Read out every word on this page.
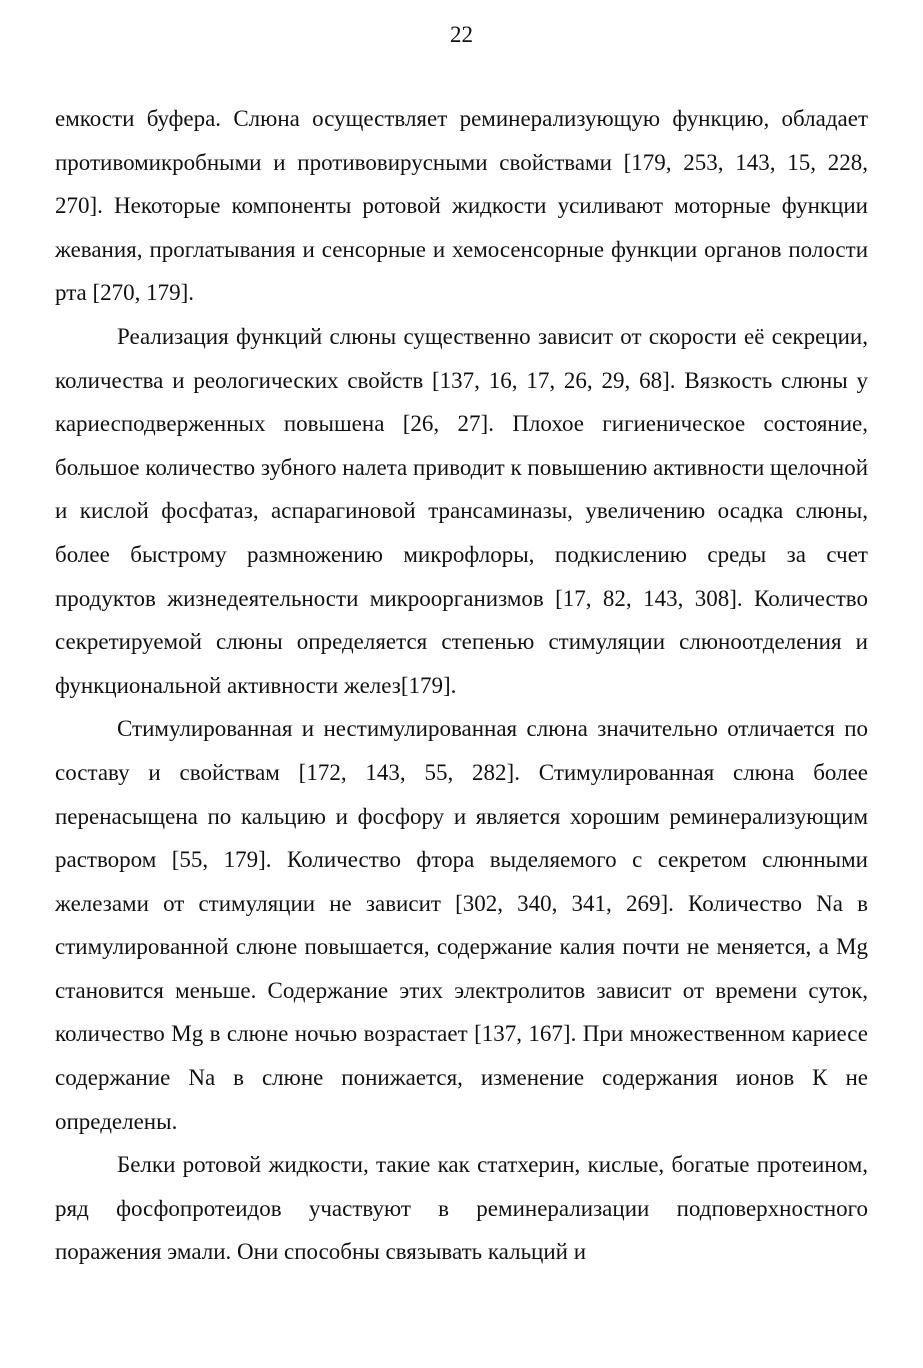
22

емкости буфера. Слюна осуществляет реминерализующую функцию, обладает противомикробными и противовирусными свойствами [179, 253, 143, 15, 228, 270]. Некоторые компоненты ротовой жидкости усиливают моторные функции жевания, проглатывания и сенсорные и хемосенсорные функции органов полости рта [270, 179].

Реализация функций слюны существенно зависит от скорости её секреции, количества и реологических свойств [137, 16, 17, 26, 29, 68]. Вязкость слюны у кариесподверженных повышена [26, 27]. Плохое гигиеническое состояние, большое количество зубного налета приводит к повышению активности щелочной и кислой фосфатаз, аспарагиновой трансаминазы, увеличению осадка слюны, более быстрому размножению микрофлоры, подкислению среды за счет продуктов жизнедеятельности микроорганизмов [17, 82, 143, 308]. Количество секретируемой слюны определяется степенью стимуляции слюноотделения и функциональной активности желез[179].

Стимулированная и нестимулированная слюна значительно отличается по составу и свойствам [172, 143, 55, 282]. Стимулированная слюна более перенасыщена по кальцию и фосфору и является хорошим реминерализующим раствором [55, 179]. Количество фтора выделяемого с секретом слюнными железами от стимуляции не зависит [302, 340, 341, 269]. Количество Na в стимулированной слюне повышается, содержание калия почти не меняется, а Mg становится меньше. Содержание этих электролитов зависит от времени суток, количество Mg в слюне ночью возрастает [137, 167]. При множественном кариесе содержание Na в слюне понижается, изменение содержания ионов К не определены.

Белки ротовой жидкости, такие как статхерин, кислые, богатые протеином, ряд фосфопротеидов участвуют в реминерализации подповерхностного поражения эмали. Они способны связывать кальций и
